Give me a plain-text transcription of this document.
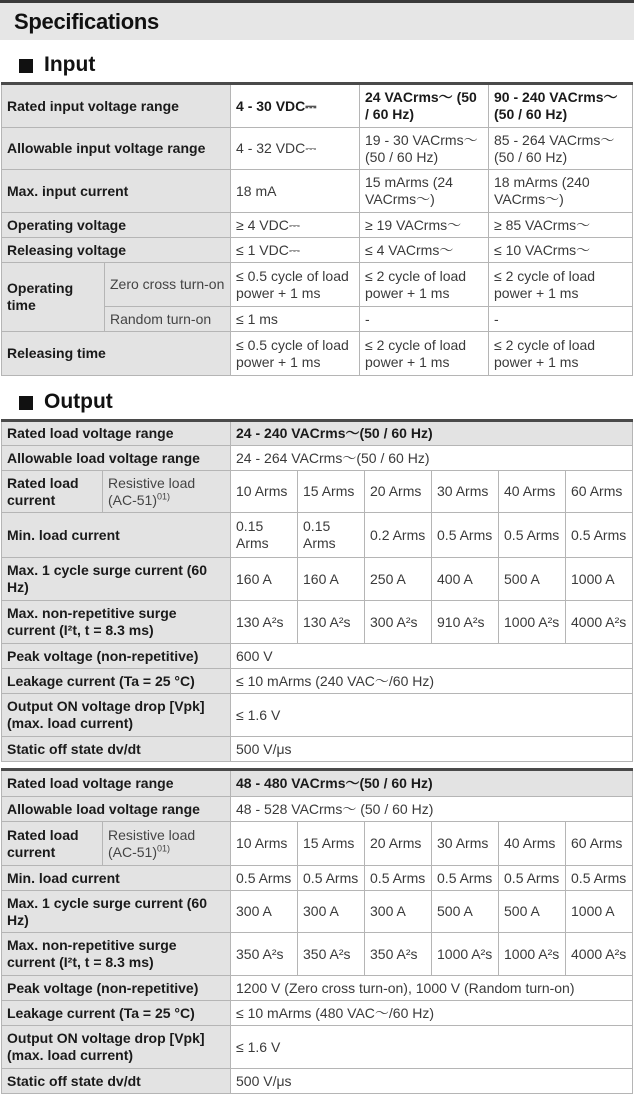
Specifications
Input
Rated input voltage range		4 - 30 VDC⎓	24 VACrms～ (50 / 60 Hz)	90 - 240 VACrms～ (50 / 60 Hz)
Allowable input voltage range		4 - 32 VDC⎓	19 - 30 VACrms～ (50 / 60 Hz)	85 - 264 VACrms～ (50 / 60 Hz)
Max. input current		18 mA	15 mArms (24 VACrms～)	18 mArms (240 VACrms～)
Operating voltage		≥ 4 VDC⎓	≥ 19 VACrms～	≥ 85 VACrms～
Releasing voltage		≤ 1 VDC⎓	≤ 4 VACrms～	≤ 10 VACrms～
Operating time	Zero cross turn-on	≤ 0.5 cycle of load power + 1 ms	≤ 2 cycle of load power + 1 ms	≤ 2 cycle of load power + 1 ms
	Random turn-on	≤ 1 ms	-	-
Releasing time		≤ 0.5 cycle of load power + 1 ms	≤ 2 cycle of load power + 1 ms	≤ 2 cycle of load power + 1 ms
Output
Rated load voltage range		24 - 240 VACrms～(50 / 60 Hz)					
Allowable load voltage range		24 - 264 VACrms～(50 / 60 Hz)					
Rated load current	Resistive load $(AC-51)^{01)}$	10 Arms	15 Arms	20 Arms	30 Arms	40 Arms	60 Arms
Min. load current		0.15 Arms	0.15 Arms	0.2 Arms	0.5 Arms	0.5 Arms	0.5 Arms
Max. 1 cycle surge current (60 Hz)		160 A	160 A	250 A	400 A	500 A	1000 A
Max. non-repetitive surge current (I²t, t = 8.3 ms)		130 A²s	130 A²s	300 A²s	910 A²s	1000 A²s	4000 A²s
Peak voltage (non-repetitive)		600 V					
Leakage current (Ta = 25 °C)		≤ 10 mArms (240 VAC～/60 Hz)					
Output ON voltage drop [Vpk] (max. load current)		≤ 1.6 V					
Static off state dv/dt		500 V/μs					
Rated load voltage range		48 - 480 VACrms～(50 / 60 Hz)					
Allowable load voltage range		48 - 528 VACrms～ (50 / 60 Hz)					
Rated load current	Resistive load $(AC-51)^{01)}$	10 Arms	15 Arms	20 Arms	30 Arms	40 Arms	60 Arms
Min. load current		0.5 Arms	0.5 Arms	0.5 Arms	0.5 Arms	0.5 Arms	0.5 Arms
Max. 1 cycle surge current (60 Hz)		300 A	300 A	300 A	500 A	500 A	1000 A
Max. non-repetitive surge current (I²t, t = 8.3 ms)		350 A²s	350 A²s	350 A²s	1000 A²s	1000 A²s	4000 A²s
Peak voltage (non-repetitive)		1200 V (Zero cross turn-on), 1000 V (Random turn-on)					
Leakage current (Ta = 25 °C)		≤ 10 mArms (480 VAC～/60 Hz)					
Output ON voltage drop [Vpk] (max. load current)		≤ 1.6 V					
Static off state dv/dt		500 V/μs					
